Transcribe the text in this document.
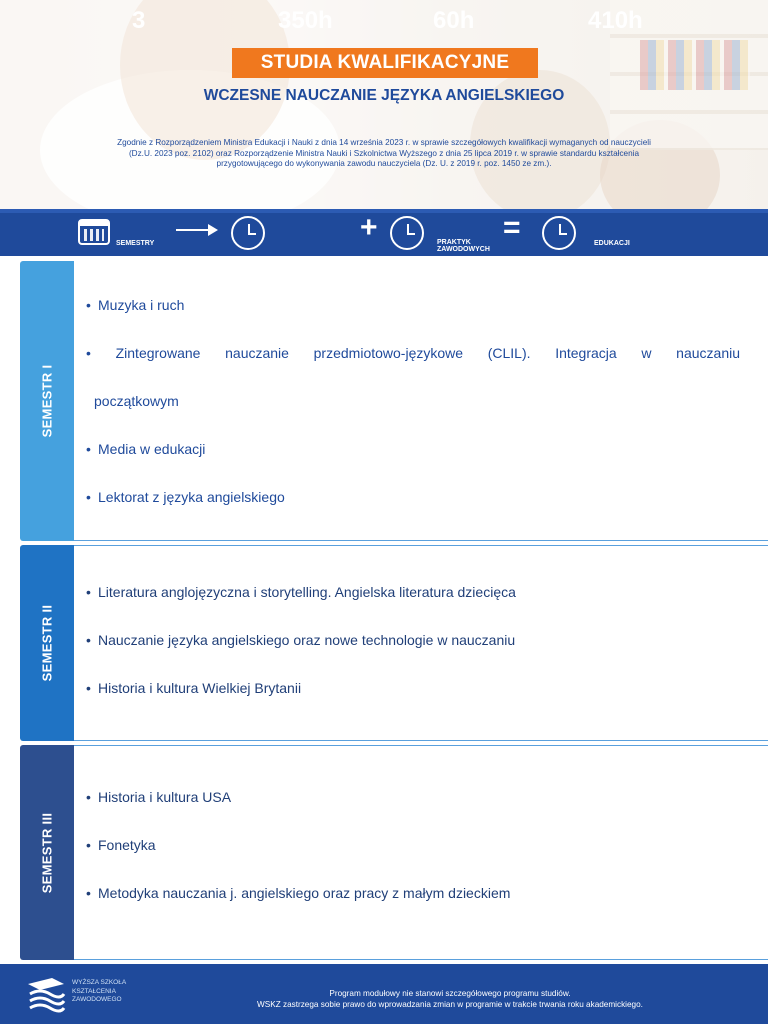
STUDIA KWALIFIKACYJNE
WCZESNE NAUCZANIE JĘZYKA ANGIELSKIEGO
Zgodnie z Rozporządzeniem Ministra Edukacji i Nauki z dnia 14 września 2023 r. w sprawie szczegółowych kwalifikacji wymaganych od nauczycieli
(Dz.U. 2023 poz. 2102) oraz Rozporządzenie Ministra Nauki i Szkolnictwa Wyższego z dnia 25 lipca 2019 r. w sprawie standardu kształcenia
przygotowującego do wykonywania zawodu nauczyciela (Dz. U. z 2019 r. poz. 1450 ze zm.).
3
SEMESTRY
350h
+
60h
PRAKTYK
ZAWODOWYCH
=
410h
EDUKACJI
SEMESTR I
• Muzyka i ruch
• Zintegrowane nauczanie przedmiotowo-językowe (CLIL). Integracja w nauczaniu
początkowym
• Media w edukacji
• Lektorat z języka angielskiego
SEMESTR II
• Literatura anglojęzyczna i storytelling. Angielska literatura dziecięca
• Nauczanie języka angielskiego oraz nowe technologie w nauczaniu
• Historia i kultura Wielkiej Brytanii
SEMESTR III
• Historia i kultura USA
• Fonetyka
• Metodyka nauczania j. angielskiego oraz pracy z małym dzieckiem
WYŻSZA SZKOŁA
KSZTAŁCENIA
ZAWODOWEGO
Program modułowy nie stanowi szczegółowego programu studiów.
WSKZ zastrzega sobie prawo do wprowadzania zmian w programie w trakcie trwania roku akademickiego.
